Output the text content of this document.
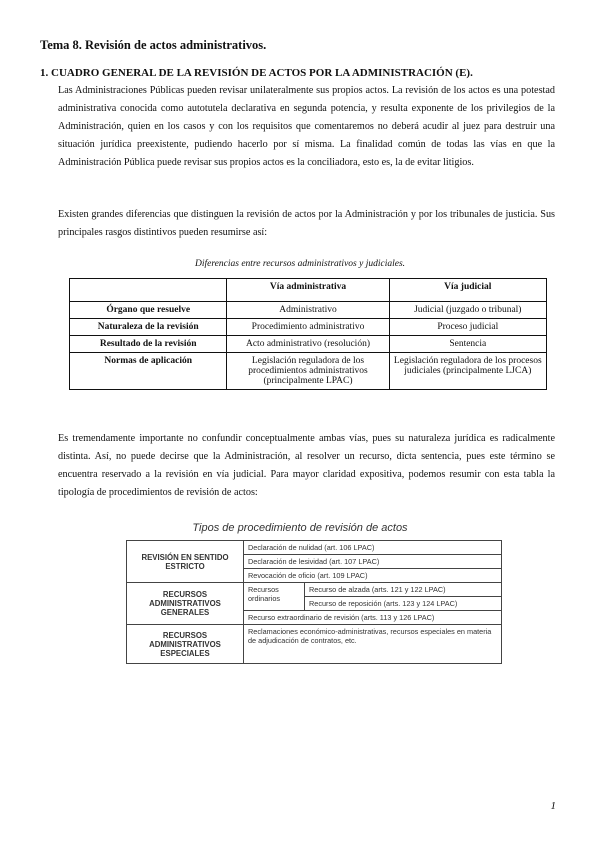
Tema 8. Revisión de actos administrativos.
1. CUADRO GENERAL DE LA REVISIÓN DE ACTOS POR LA ADMINISTRACIÓN (E).

Las Administraciones Públicas pueden revisar unilateralmente sus propios actos. La revisión de los actos es una potestad administrativa conocida como autotutela declarativa en segunda potencia, y resulta exponente de los privilegios de la Administración, quien en los casos y con los requisitos que comentaremos no deberá acudir al juez para destruir una situación jurídica preexistente, pudiendo hacerlo por sí misma. La finalidad común de todas las vías en que la Administración Pública puede revisar sus propios actos es la conciliadora, esto es, la de evitar litigios.

Existen grandes diferencias que distinguen la revisión de actos por la Administración y por los tribunales de justicia. Sus principales rasgos distintivos pueden resumirse así:

Diferencias entre recursos administrativos y judiciales.
	Vía administrativa	Vía judicial
Órgano que resuelve	Administrativo	Judicial (juzgado o tribunal)
Naturaleza de la revisión	Procedimiento administrativo	Proceso judicial
Resultado de la revisión	Acto administrativo (resolución)	Sentencia
Normas de aplicación	Legislación reguladora de los procedimientos administrativos (principalmente LPAC)	Legislación reguladora de los procesos judiciales (principalmente LJCA)

Es tremendamente importante no confundir conceptualmente ambas vías, pues su naturaleza jurídica es radicalmente distinta. Así, no puede decirse que la Administración, al resolver un recurso, dicta sentencia, pues este término se encuentra reservado a la revisión en vía judicial. Para mayor claridad expositiva, podemos resumir con esta tabla la tipología de procedimientos de revisión de actos:

Tipos de procedimiento de revisión de actos
REVISIÓN EN SENTIDO ESTRICTO	Declaración de nulidad (art. 106 LPAC)	
	Declaración de lesividad (art. 107 LPAC)	
	Revocación de oficio (art. 109 LPAC)	
RECURSOS ADMINISTRATIVOS GENERALES	Recursos ordinarios	Recurso de alzada (arts. 121 y 122 LPAC)
		Recurso de reposición (arts. 123 y 124 LPAC)
	Recurso extraordinario de revisión (arts. 113 y 126 LPAC)	
RECURSOS ADMINISTRATIVOS ESPECIALES	Reclamaciones económico-administrativas, recursos especiales en materia de adjudicación de contratos, etc.	
1
